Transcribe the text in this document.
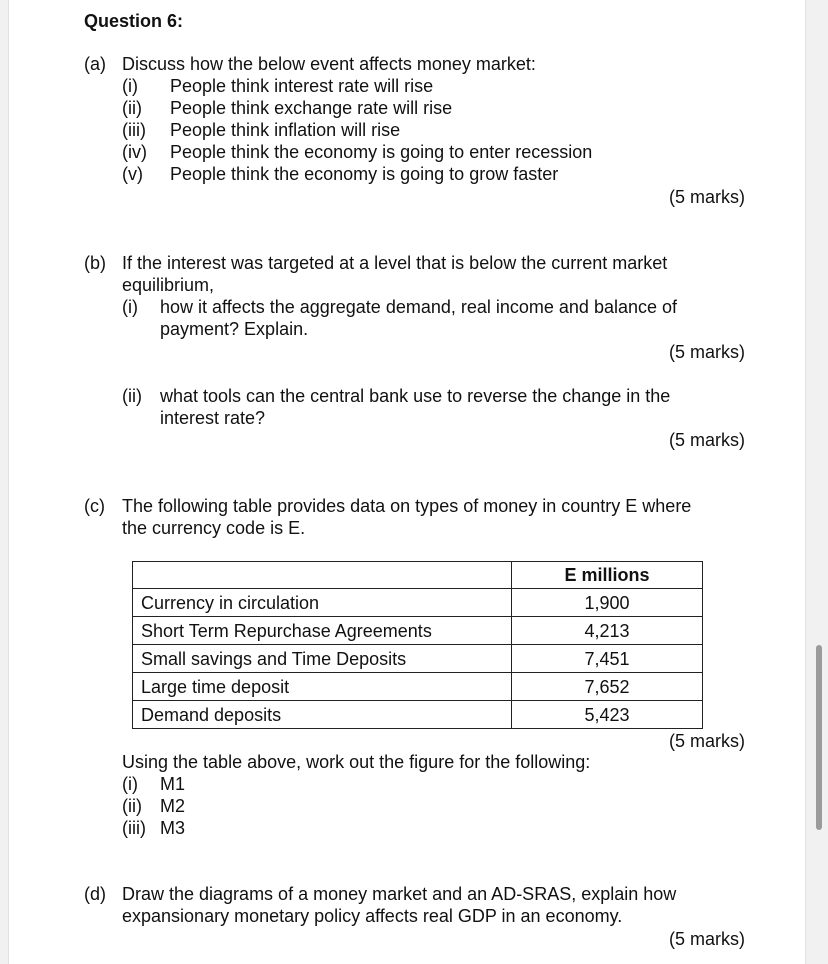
Question 6:
(a) Discuss how the below event affects money market:
(i) People think interest rate will rise
(ii) People think exchange rate will rise
(iii) People think inflation will rise
(iv) People think the economy is going to enter recession
(v) People think the economy is going to grow faster
(5 marks)
(b) If the interest was targeted at a level that is below the current market
equilibrium,
(i) how it affects the aggregate demand, real income and balance of
payment? Explain.
(5 marks)
(ii) what tools can the central bank use to reverse the change in the
interest rate?
(5 marks)
(c) The following table provides data on types of money in country E where
the currency code is E.
	E millions
Currency in circulation	1,900
Short Term Repurchase Agreements	4,213
Small savings and Time Deposits	7,451
Large time deposit	7,652
Demand deposits	5,423
(5 marks)
Using the table above, work out the figure for the following:
(i) M1
(ii) M2
(iii) M3
(d) Draw the diagrams of a money market and an AD-SRAS, explain how
expansionary monetary policy affects real GDP in an economy.
(5 marks)
